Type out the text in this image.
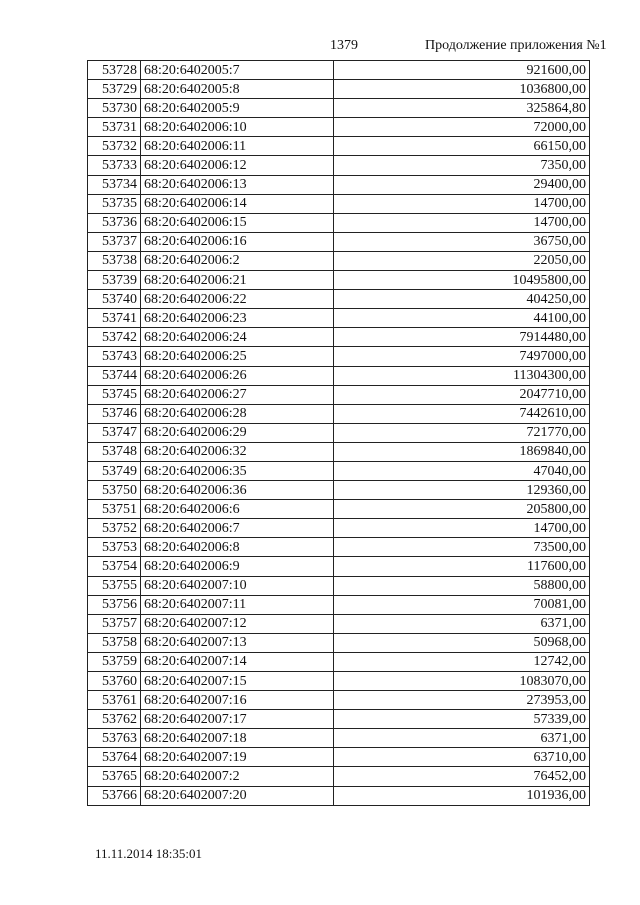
1379	Продолжение приложения №1
53728	68:20:6402005:7	921600,00
53729	68:20:6402005:8	1036800,00
53730	68:20:6402005:9	325864,80
53731	68:20:6402006:10	72000,00
53732	68:20:6402006:11	66150,00
53733	68:20:6402006:12	7350,00
53734	68:20:6402006:13	29400,00
53735	68:20:6402006:14	14700,00
53736	68:20:6402006:15	14700,00
53737	68:20:6402006:16	36750,00
53738	68:20:6402006:2	22050,00
53739	68:20:6402006:21	10495800,00
53740	68:20:6402006:22	404250,00
53741	68:20:6402006:23	44100,00
53742	68:20:6402006:24	7914480,00
53743	68:20:6402006:25	7497000,00
53744	68:20:6402006:26	11304300,00
53745	68:20:6402006:27	2047710,00
53746	68:20:6402006:28	7442610,00
53747	68:20:6402006:29	721770,00
53748	68:20:6402006:32	1869840,00
53749	68:20:6402006:35	47040,00
53750	68:20:6402006:36	129360,00
53751	68:20:6402006:6	205800,00
53752	68:20:6402006:7	14700,00
53753	68:20:6402006:8	73500,00
53754	68:20:6402006:9	117600,00
53755	68:20:6402007:10	58800,00
53756	68:20:6402007:11	70081,00
53757	68:20:6402007:12	6371,00
53758	68:20:6402007:13	50968,00
53759	68:20:6402007:14	12742,00
53760	68:20:6402007:15	1083070,00
53761	68:20:6402007:16	273953,00
53762	68:20:6402007:17	57339,00
53763	68:20:6402007:18	6371,00
53764	68:20:6402007:19	63710,00
53765	68:20:6402007:2	76452,00
53766	68:20:6402007:20	101936,00
11.11.2014 18:35:01
